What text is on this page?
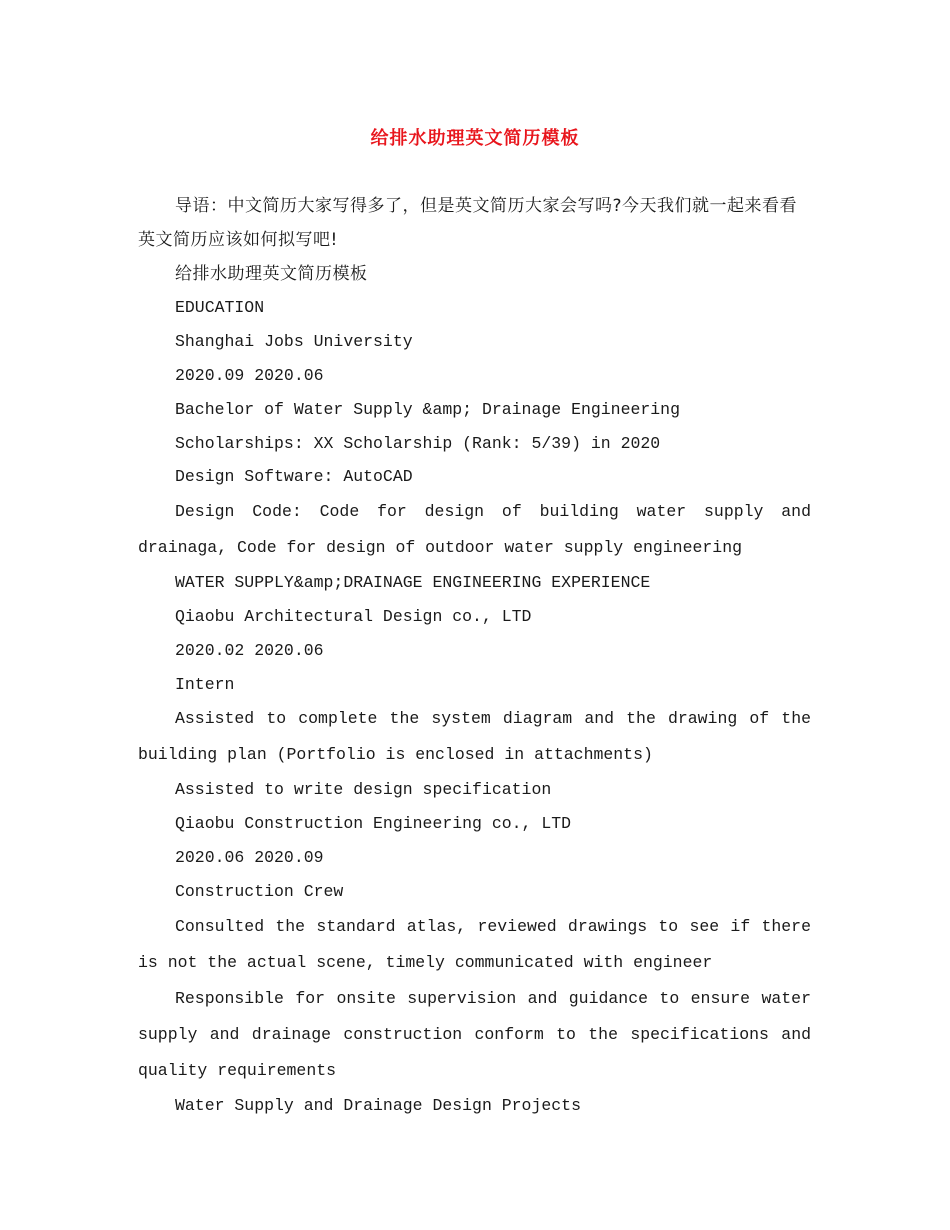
给排水助理英文简历模板

导语：中文简历大家写得多了，但是英文简历大家会写吗?今天我们就一起来看看英文简历应该如何拟写吧!

给排水助理英文简历模板

EDUCATION

Shanghai Jobs University

2020.09 2020.06

Bachelor of Water Supply &amp; Drainage Engineering

Scholarships: XX Scholarship (Rank: 5/39) in 2020

Design Software: AutoCAD

Design Code: Code for design of building water supply and drainaga, Code for design of outdoor water supply engineering

WATER SUPPLY&amp;DRAINAGE ENGINEERING EXPERIENCE

Qiaobu Architectural Design co., LTD

2020.02 2020.06

Intern

Assisted to complete the system diagram and the drawing of the building plan (Portfolio is enclosed in attachments)

Assisted to write design specification

Qiaobu Construction Engineering co., LTD

2020.06 2020.09

Construction Crew

Consulted the standard atlas, reviewed drawings to see if there is not the actual scene, timely communicated with engineer

Responsible for onsite supervision and guidance to ensure water supply and drainage construction conform to the specifications and quality requirements

Water Supply and Drainage Design Projects
